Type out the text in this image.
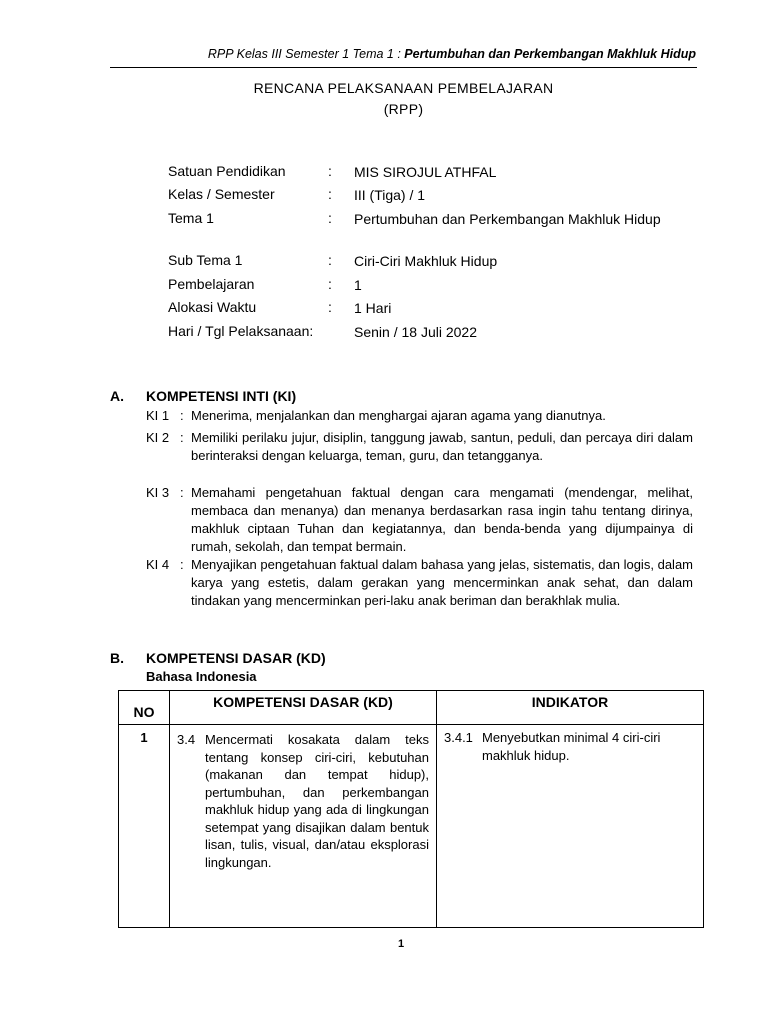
RPP Kelas III Semester 1 Tema 1 : Pertumbuhan dan Perkembangan Makhluk Hidup
RENCANA PELAKSANAAN PEMBELAJARAN
(RPP)
Satuan Pendidikan	: MIS SIROJUL ATHFAL
Kelas / Semester	: III (Tiga) / 1
Tema 1	: Pertumbuhan dan Perkembangan Makhluk Hidup
Sub Tema 1	: Ciri-Ciri Makhluk Hidup
Pembelajaran	: 1
Alokasi Waktu	: 1 Hari
Hari / Tgl Pelaksanaan:	Senin / 18 Juli 2022
A. KOMPETENSI INTI (KI)
KI 1 : Menerima, menjalankan dan menghargai ajaran agama yang dianutnya.
KI 2 : Memiliki perilaku jujur, disiplin, tanggung jawab, santun, peduli, dan percaya diri dalam berinteraksi dengan keluarga, teman, guru, dan tetangganya.
KI 3 : Memahami pengetahuan faktual dengan cara mengamati (mendengar, melihat, membaca dan menanya) dan menanya berdasarkan rasa ingin tahu tentang dirinya, makhluk ciptaan Tuhan dan kegiatannya, dan benda-benda yang dijumpainya di rumah, sekolah, dan tempat bermain.
KI 4 : Menyajikan pengetahuan faktual dalam bahasa yang jelas, sistematis, dan logis, dalam karya yang estetis, dalam gerakan yang mencerminkan anak sehat, dan dalam tindakan yang mencerminkan peri-laku anak beriman dan berakhlak mulia.
B. KOMPETENSI DASAR (KD)
Bahasa Indonesia
NO	KOMPETENSI DASAR (KD)	INDIKATOR
1	3.4 Mencermati kosakata dalam teks tentang konsep ciri-ciri, kebutuhan (makanan dan tempat hidup), pertumbuhan, dan perkembangan makhluk hidup yang ada di lingkungan setempat yang disajikan dalam bentuk lisan, tulis, visual, dan/atau eksplorasi lingkungan.	3.4.1 Menyebutkan minimal 4 ciri-ciri makhluk hidup.
1
